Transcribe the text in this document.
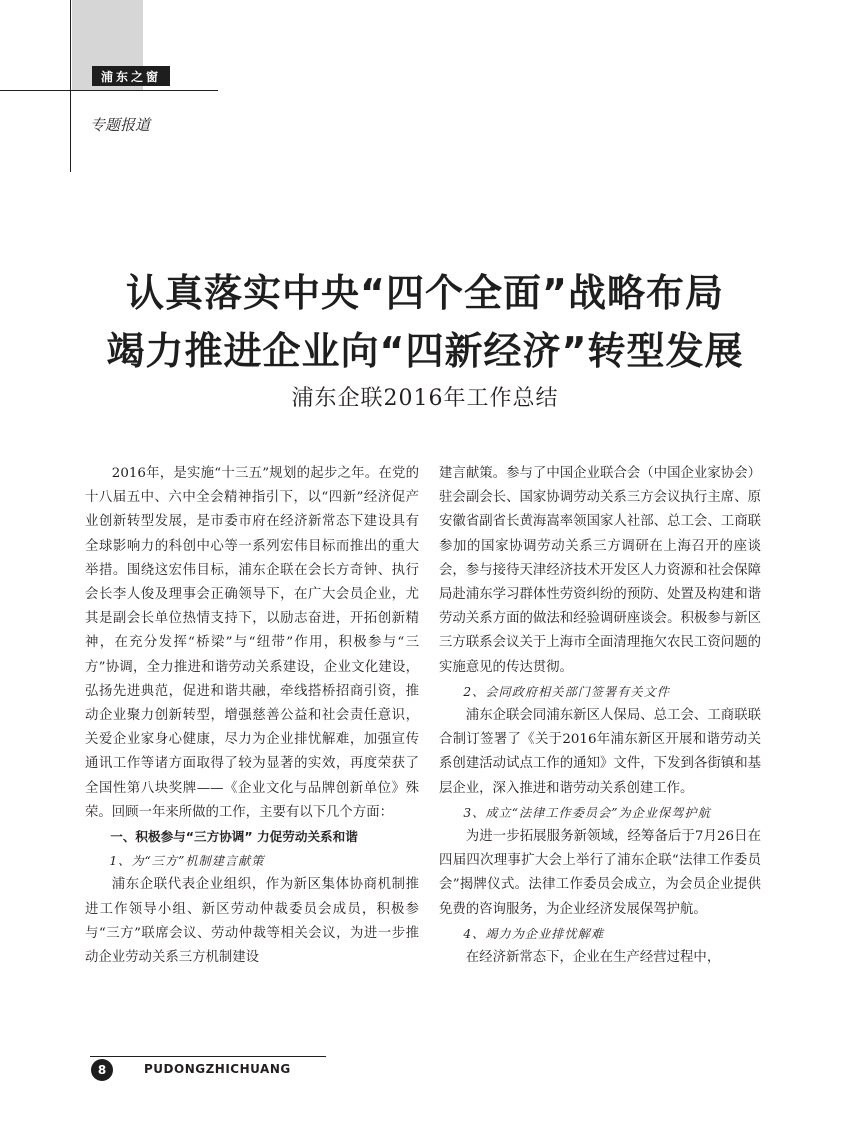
浦东之窗
专题报道
认真落实中央“四个全面”战略布局
竭力推进企业向“四新经济”转型发展
浦东企联2016年工作总结

2016年，是实施“十三五”规划的起步之年。在党的十八届五中、六中全会精神指引下，以“四新”经济促产业创新转型发展，是市委市府在经济新常态下建设具有全球影响力的科创中心等一系列宏伟目标而推出的重大举措。围绕这宏伟目标，浦东企联在会长方奇钟、执行会长李人俊及理事会正确领导下，在广大会员企业，尤其是副会长单位热情支持下，以励志奋进，开拓创新精神，在充分发挥“桥梁”与“纽带”作用，积极参与“三方”协调，全力推进和谐劳动关系建设，企业文化建设，弘扬先进典范，促进和谐共融，牵线搭桥招商引资，推动企业聚力创新转型，增强慈善公益和社会责任意识，关爱企业家身心健康，尽力为企业排忧解难，加强宣传通讯工作等诸方面取得了较为显著的实效，再度荣获了全国性第八块奖牌——《企业文化与品牌创新单位》殊荣。回顾一年来所做的工作，主要有以下几个方面：

一、积极参与“三方协调” 力促劳动关系和谐

1、为“三方”机制建言献策

浦东企联代表企业组织，作为新区集体协商机制推进工作领导小组、新区劳动仲裁委员会成员，积极参与“三方”联席会议、劳动仲裁等相关会议，为进一步推动企业劳动关系三方机制建设

建言献策。参与了中国企业联合会（中国企业家协会）驻会副会长、国家协调劳动关系三方会议执行主席、原安徽省副省长黄海嵩率领国家人社部、总工会、工商联参加的国家协调劳动关系三方调研在上海召开的座谈会，参与接待天津经济技术开发区人力资源和社会保障局赴浦东学习群体性劳资纠纷的预防、处置及构建和谐劳动关系方面的做法和经验调研座谈会。积极参与新区三方联系会议关于上海市全面清理拖欠农民工资问题的实施意见的传达贯彻。

2、会同政府相关部门签署有关文件

浦东企联会同浦东新区人保局、总工会、工商联联合制订签署了《关于2016年浦东新区开展和谐劳动关系创建活动试点工作的通知》文件，下发到各街镇和基层企业，深入推进和谐劳动关系创建工作。

3、成立“法律工作委员会”为企业保驾护航

为进一步拓展服务新领域，经筹备后于7月26日在四届四次理事扩大会上举行了浦东企联“法律工作委员会”揭牌仪式。法律工作委员会成立，为会员企业提供免费的咨询服务，为企业经济发展保驾护航。

4、竭力为企业排忧解难

在经济新常态下，企业在生产经营过程中，

8	PUDONGZHICHUANG
